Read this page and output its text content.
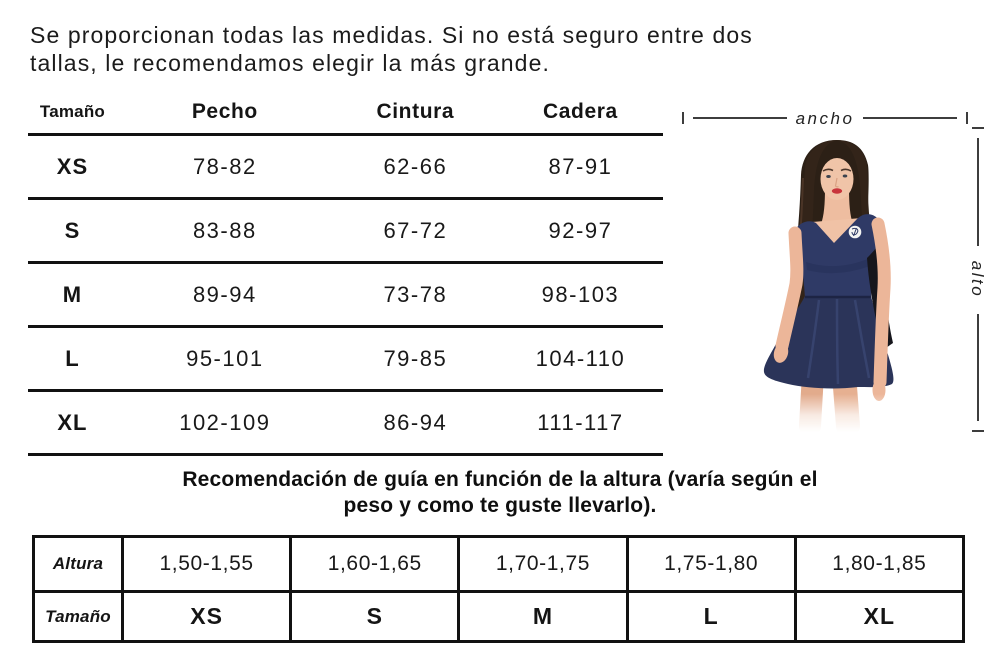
Se proporcionan todas las medidas. Si no está seguro entre dos
tallas, le recomendamos elegir la más grande.
Tamaño	Pecho	Cintura	Cadera
XS	78-82	62-66	87-91
S	83-88	67-72	92-97
M	89-94	73-78	98-103
L	95-101	79-85	104-110
XL	102-109	86-94	111-117
ancho
alto
Recomendación de guía en función de la altura (varía según el
peso y como te guste llevarlo).
Altura	1,50-1,55	1,60-1,65	1,70-1,75	1,75-1,80	1,80-1,85
Tamaño	XS	S	M	L	XL
